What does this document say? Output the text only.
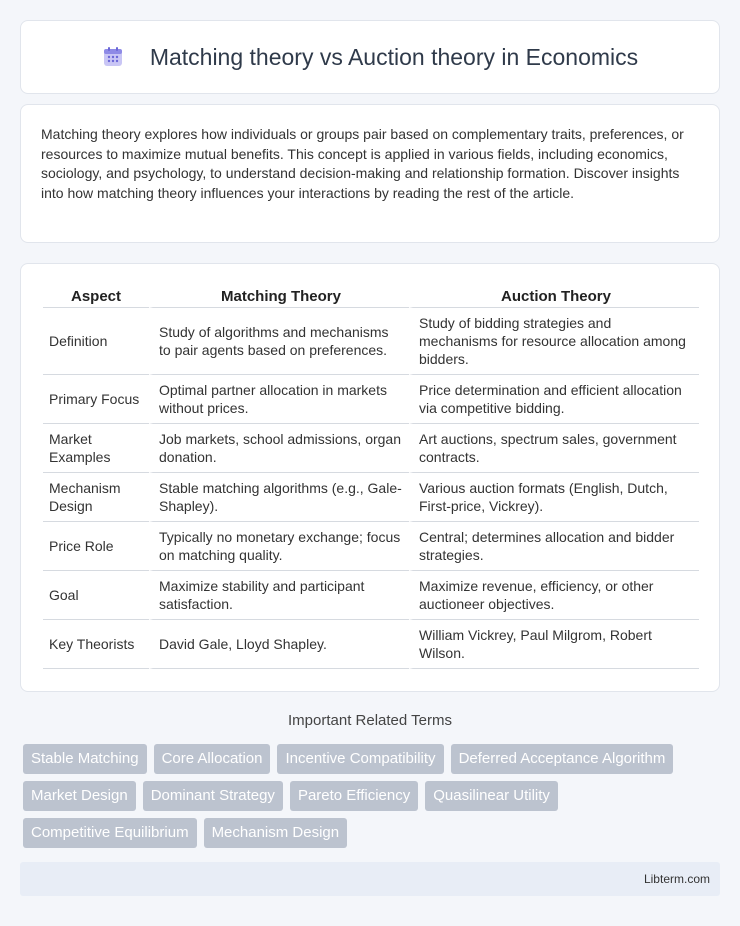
Matching theory vs Auction theory in Economics

Matching theory explores how individuals or groups pair based on complementary traits, preferences, or resources to maximize mutual benefits. This concept is applied in various fields, including economics, sociology, and psychology, to understand decision-making and relationship formation. Discover insights into how matching theory influences your interactions by reading the rest of the article.

Aspect	Matching Theory	Auction Theory
Definition	Study of algorithms and mechanisms to pair agents based on preferences.	Study of bidding strategies and mechanisms for resource allocation among bidders.
Primary Focus	Optimal partner allocation in markets without prices.	Price determination and efficient allocation via competitive bidding.
Market Examples	Job markets, school admissions, organ donation.	Art auctions, spectrum sales, government contracts.
Mechanism Design	Stable matching algorithms (e.g., Gale-Shapley).	Various auction formats (English, Dutch, First-price, Vickrey).
Price Role	Typically no monetary exchange; focus on matching quality.	Central; determines allocation and bidder strategies.
Goal	Maximize stability and participant satisfaction.	Maximize revenue, efficiency, or other auctioneer objectives.
Key Theorists	David Gale, Lloyd Shapley.	William Vickrey, Paul Milgrom, Robert Wilson.
Important Related Terms
Stable Matching	Core Allocation	Incentive Compatibility	Deferred Acceptance Algorithm
Market Design	Dominant Strategy	Pareto Efficiency	Quasilinear Utility
Competitive Equilibrium	Mechanism Design
Libterm.com
